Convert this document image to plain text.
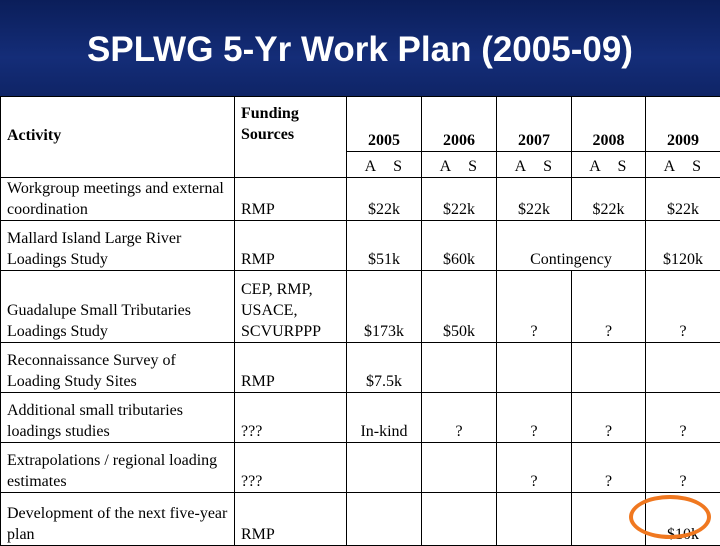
SPLWG 5-Yr Work Plan (2005-09)
Activity	Funding Sources	2005	2006	2007	2008	2009
		A S	A S	A S	A S	A S
Workgroup meetings and external coordination	RMP	$22k	$22k	$22k	$22k	$22k
Mallard Island Large River Loadings Study	RMP	$51k	$60k	Contingency		$120k
Guadalupe Small Tributaries Loadings Study	CEP, RMP, USACE, SCVURPPP	$173k	$50k	?	?	?
Reconnaissance Survey of Loading Study Sites	RMP	$7.5k				
Additional small tributaries loadings studies	???	In-kind	?	?	?	?
Extrapolations / regional loading estimates	???			?	?	?
Development of the next five-year plan	RMP					$10k
